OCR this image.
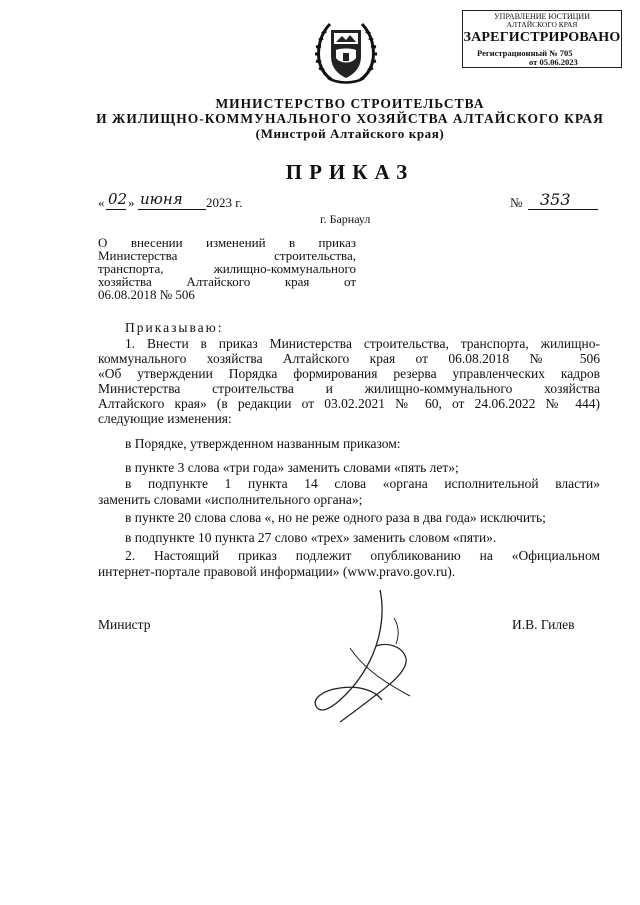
УПРАВЛЕНИЕ ЮСТИЦИИ
АЛТАЙСКОГО КРАЯ
ЗАРЕГИСТРИРОВАНО
Регистрационный № 705
от 05.06.2023
МИНИСТЕРСТВО СТРОИТЕЛЬСТВА
И ЖИЛИЩНО-КОММУНАЛЬНОГО ХОЗЯЙСТВА АЛТАЙСКОГО КРАЯ
(Минстрой Алтайского края)
ПРИКАЗ
« 02 » июня 2023 г.	№ 353
г. Барнаул
О внесении изменений в приказ
Министерства строительства,
транспорта, жилищно-коммунального
хозяйства Алтайского края от
06.08.2018 № 506
Приказываю:
1. Внести в приказ Министерства строительства, транспорта, жилищно-
коммунального хозяйства Алтайского края от 06.08.2018 № 506
«Об утверждении Порядка формирования резерва управленческих кадров
Министерства строительства и жилищно-коммунального хозяйства
Алтайского края» (в редакции от 03.02.2021 № 60, от 24.06.2022 № 444)
следующие изменения:
в Порядке, утвержденном названным приказом:
в пункте 3 слова «три года» заменить словами «пять лет»;
в подпункте 1 пункта 14 слова «органа исполнительной власти»
заменить словами «исполнительного органа»;
в пункте 20 слова слова «, но не реже одного раза в два года» исключить;
в подпункте 10 пункта 27 слово «трех» заменить словом «пяти».
2. Настоящий приказ подлежит опубликованию на «Официальном
интернет-портале правовой информации» (www.pravo.gov.ru).
Министр	И.В. Гилев
